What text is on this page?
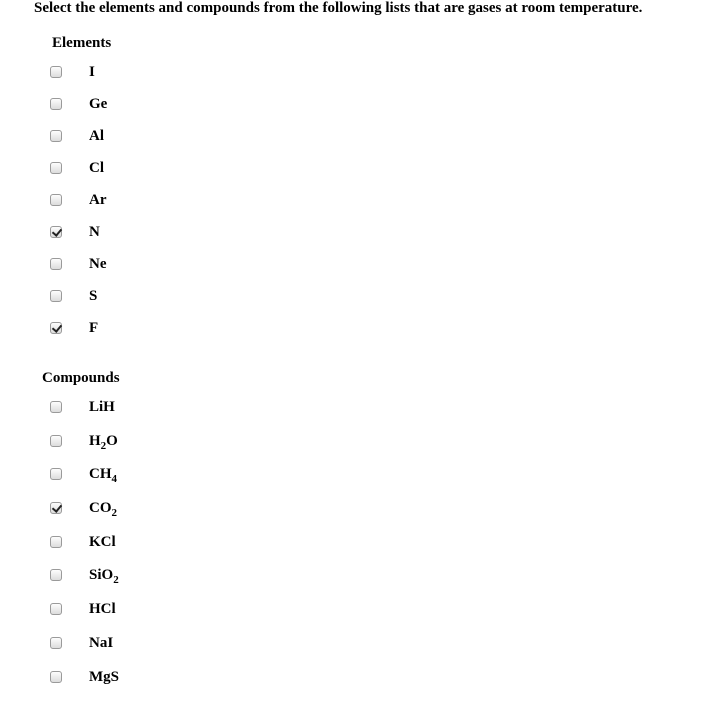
Select the elements and compounds from the following lists that are gases at room temperature.
Elements
I
Ge
Al
Cl
Ar
N
Ne
S
F
Compounds
LiH
$H_2O$
$CH_4$
$CO_2$
KCl
SiO$_2$
HCl
NaI
MgS
